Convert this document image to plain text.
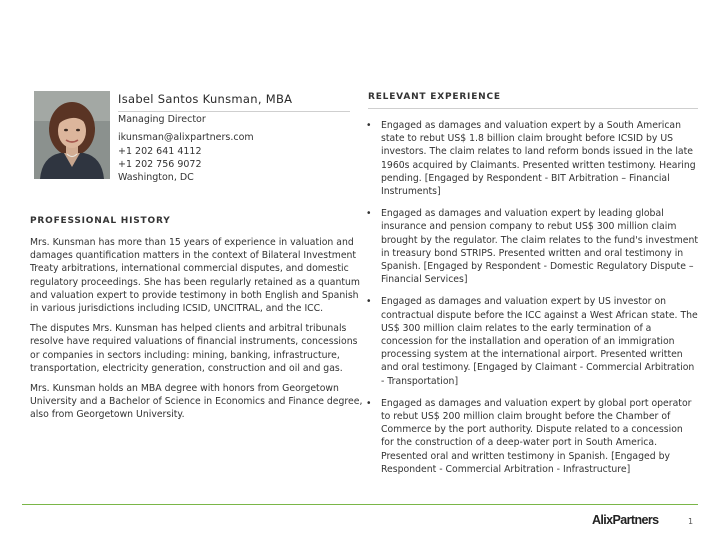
Isabel Santos Kunsman, MBA
Managing Director
ikunsman@alixpartners.com
+1 202 641 4112
+1 202 756 9072
Washington, DC
PROFESSIONAL HISTORY

Mrs. Kunsman has more than 15 years of experience in valuation and damages quantification matters in the context of Bilateral Investment Treaty arbitrations, international commercial disputes, and domestic regulatory proceedings. She has been regularly retained as a quantum and valuation expert to provide testimony in both English and Spanish in various jurisdictions including ICSID, UNCITRAL, and the ICC.

The disputes Mrs. Kunsman has helped clients and arbitral tribunals resolve have required valuations of financial instruments, concessions or companies in sectors including: mining, banking, infrastructure, transportation, electricity generation, construction and oil and gas.

Mrs. Kunsman holds an MBA degree with honors from Georgetown University and a Bachelor of Science in Economics and Finance degree, also from Georgetown University.

RELEVANT EXPERIENCE
• Engaged as damages and valuation expert by a South American state to rebut US$ 1.8 billion claim brought before ICSID by US investors. The claim relates to land reform bonds issued in the late 1960s acquired by Claimants. Presented written testimony. Hearing pending. [Engaged by Respondent - BIT Arbitration – Financial Instruments]
• Engaged as damages and valuation expert by leading global insurance and pension company to rebut US$ 300 million claim brought by the regulator. The claim relates to the fund's investment in treasury bond STRIPS. Presented written and oral testimony in Spanish. [Engaged by Respondent - Domestic Regulatory Dispute – Financial Services]
• Engaged as damages and valuation expert by US investor on contractual dispute before the ICC against a West African state. The US$ 300 million claim relates to the early termination of a concession for the installation and operation of an immigration processing system at the international airport. Presented written and oral testimony. [Engaged by Claimant - Commercial Arbitration - Transportation]
• Engaged as damages and valuation expert by global port operator to rebut US$ 200 million claim brought before the Chamber of Commerce by the port authority. Dispute related to a concession for the construction of a deep-water port in South America. Presented oral and written testimony in Spanish. [Engaged by Respondent - Commercial Arbitration - Infrastructure]
AlixPartners	1
